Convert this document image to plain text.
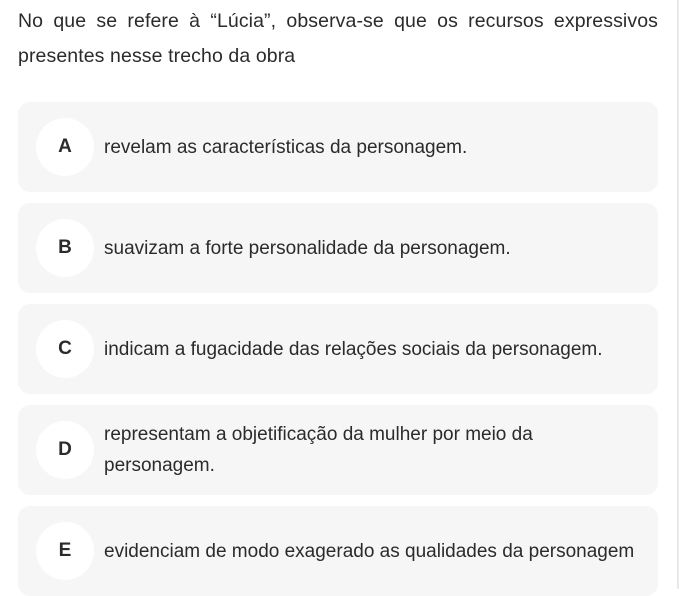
No que se refere à “Lúcia”, observa-se que os recursos expressivos presentes nesse trecho da obra
A	revelam as características da personagem.
B	suavizam a forte personalidade da personagem.
C	indicam a fugacidade das relações sociais da personagem.
D
representam a objetificação da mulher por meio da personagem.
E	evidenciam de modo exagerado as qualidades da personagem
